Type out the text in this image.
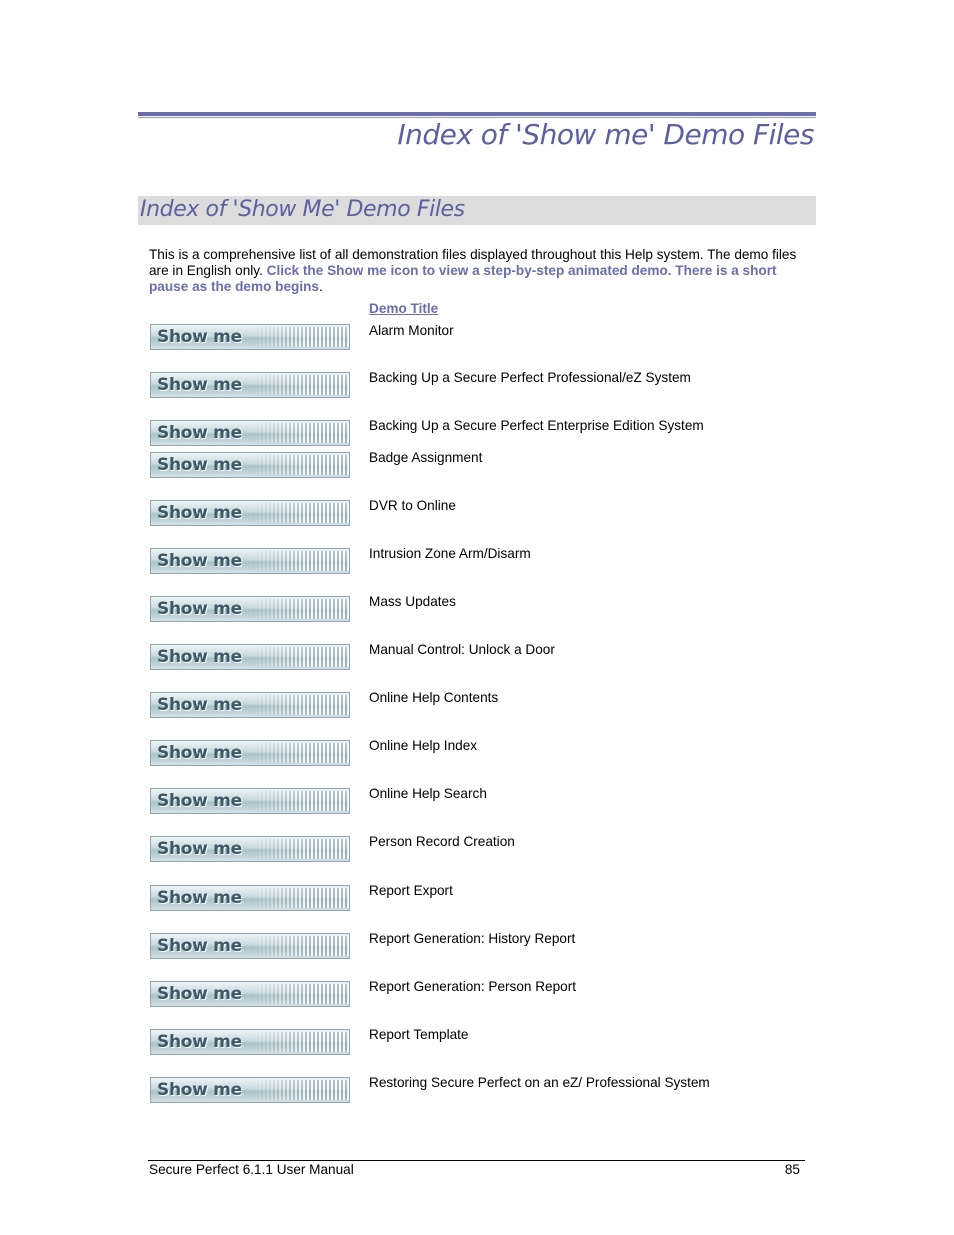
Index of 'Show me' Demo Files
Index of 'Show Me' Demo Files

This is a comprehensive list of all demonstration files displayed throughout this Help system. The demo files are in English only. Click the Show me icon to view a step-by-step animated demo. There is a short pause as the demo begins.

Demo Title
Show me	Alarm Monitor
Show me	Backing Up a Secure Perfect Professional/eZ System
Show me	Backing Up a Secure Perfect Enterprise Edition System
Show me	Badge Assignment
Show me	DVR to Online
Show me	Intrusion Zone Arm/Disarm
Show me	Mass Updates
Show me	Manual Control: Unlock a Door
Show me	Online Help Contents
Show me	Online Help Index
Show me	Online Help Search
Show me	Person Record Creation
Show me	Report Export
Show me	Report Generation: History Report
Show me	Report Generation: Person Report
Show me	Report Template
Show me	Restoring Secure Perfect on an eZ/ Professional System
Secure Perfect 6.1.1 User Manual	85
